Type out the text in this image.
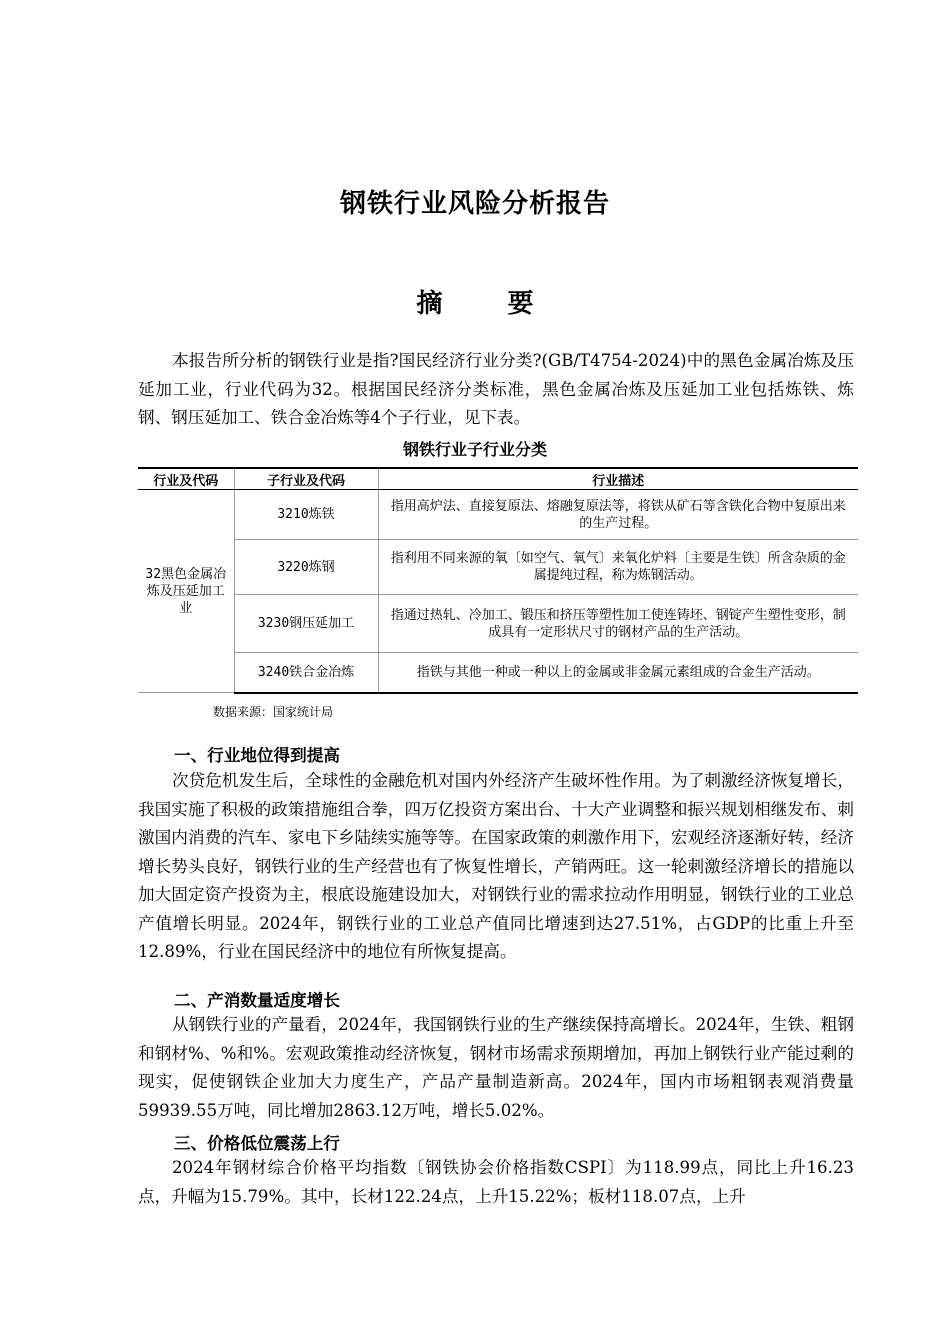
钢铁行业风险分析报告
摘 要

本报告所分析的钢铁行业是指?国民经济行业分类?(GB/T4754-2024)中的黑色金属冶炼及压延加工业，行业代码为32。根据国民经济分类标准，黑色金属冶炼及压延加工业包括炼铁、炼钢、钢压延加工、铁合金冶炼等4个子行业，见下表。

钢铁行业子行业分类
行业及代码	子行业及代码	行业描述
32黑色金属冶炼及压延加工业	3210炼铁	指用高炉法、直接复原法、熔融复原法等，将铁从矿石等含铁化合物中复原出来的生产过程。
	3220炼钢	指利用不同来源的氧〔如空气、氧气〕来氧化炉料〔主要是生铁〕所含杂质的金属提纯过程，称为炼钢活动。
	3230钢压延加工	指通过热轧、冷加工、锻压和挤压等塑性加工使连铸坯、钢锭产生塑性变形，制成具有一定形状尺寸的钢材产品的生产活动。
	3240铁合金冶炼	指铁与其他一种或一种以上的金属或非金属元素组成的合金生产活动。
数据来源：国家统计局
一、行业地位得到提高

次贷危机发生后，全球性的金融危机对国内外经济产生破坏性作用。为了刺激经济恢复增长，我国实施了积极的政策措施组合拳，四万亿投资方案出台、十大产业调整和振兴规划相继发布、刺激国内消费的汽车、家电下乡陆续实施等等。在国家政策的刺激作用下，宏观经济逐渐好转，经济增长势头良好，钢铁行业的生产经营也有了恢复性增长，产销两旺。这一轮刺激经济增长的措施以加大固定资产投资为主，根底设施建设加大，对钢铁行业的需求拉动作用明显，钢铁行业的工业总产值增长明显。2024年，钢铁行业的工业总产值同比增速到达27.51%，占GDP的比重上升至12.89%，行业在国民经济中的地位有所恢复提高。

二、产消数量适度增长

从钢铁行业的产量看，2024年，我国钢铁行业的生产继续保持高增长。2024年，生铁、粗钢和钢材%、%和%。宏观政策推动经济恢复，钢材市场需求预期增加，再加上钢铁行业产能过剩的现实，促使钢铁企业加大力度生产，产品产量制造新高。2024年，国内市场粗钢表观消费量59939.55万吨，同比增加2863.12万吨，增长5.02%。

三、价格低位震荡上行

2024年钢材综合价格平均指数〔钢铁协会价格指数CSPI〕为118.99点，同比上升16.23点，升幅为15.79%。其中，长材122.24点，上升15.22%；板材118.07点，上升
